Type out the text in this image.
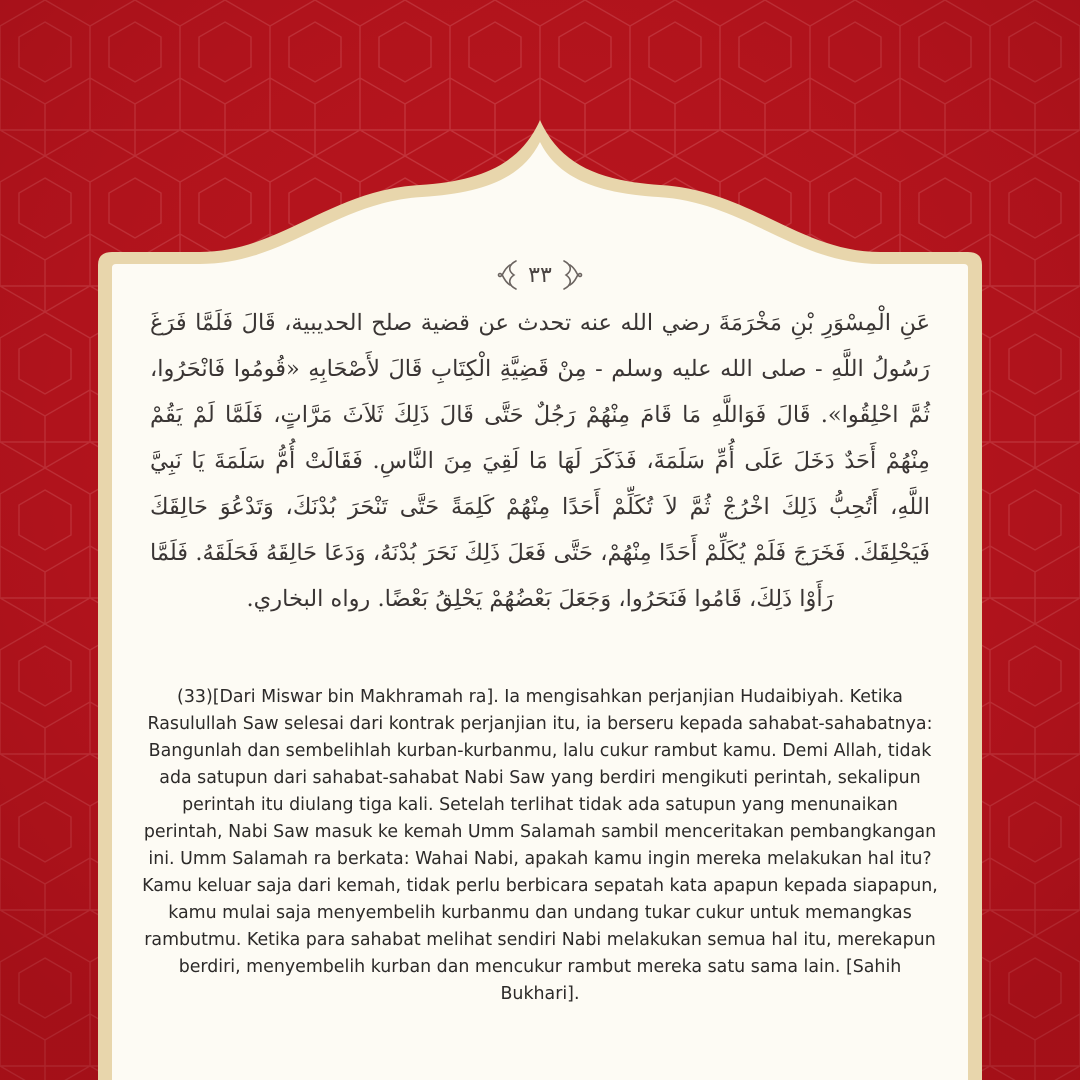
٣٣
عَنِ الْمِسْوَرِ بْنِ مَخْرَمَةَ رضي الله عنه تحدث عن قضية صلح الحديبية، قَالَ فَلَمَّا فَرَغَ رَسُولُ اللَّهِ - صلى الله عليه وسلم - مِنْ قَضِيَّةِ الْكِتَابِ قَالَ لأَصْحَابِهِ «قُومُوا فَانْحَرُوا، ثُمَّ احْلِقُوا». قَالَ فَوَاللَّهِ مَا قَامَ مِنْهُمْ رَجُلٌ حَتَّى قَالَ ذَلِكَ ثَلاَثَ مَرَّاتٍ، فَلَمَّا لَمْ يَقُمْ مِنْهُمْ أَحَدٌ دَخَلَ عَلَى أُمِّ سَلَمَةَ، فَذَكَرَ لَهَا مَا لَقِيَ مِنَ النَّاسِ. فَقَالَتْ أُمُّ سَلَمَةَ يَا نَبِيَّ اللَّهِ، أَتُحِبُّ ذَلِكَ اخْرُجْ ثُمَّ لاَ تُكَلِّمْ أَحَدًا مِنْهُمْ كَلِمَةً حَتَّى تَنْحَرَ بُدْنَكَ، وَتَدْعُوَ حَالِقَكَ فَيَحْلِقَكَ. فَخَرَجَ فَلَمْ يُكَلِّمْ أَحَدًا مِنْهُمْ، حَتَّى فَعَلَ ذَلِكَ نَحَرَ بُدْنَهُ، وَدَعَا حَالِقَهُ فَحَلَقَهُ. فَلَمَّا رَأَوْا ذَلِكَ، قَامُوا فَنَحَرُوا، وَجَعَلَ بَعْضُهُمْ يَحْلِقُ بَعْضًا. رواه البخاري.
(33)[Dari Miswar bin Makhramah ra]. Ia mengisahkan perjanjian Hudaibiyah. Ketika Rasulullah Saw selesai dari kontrak perjanjian itu, ia berseru kepada sahabat-sahabatnya: Bangunlah dan sembelihlah kurban-kurbanmu, lalu cukur rambut kamu. Demi Allah, tidak ada satupun dari sahabat-sahabat Nabi Saw yang berdiri mengikuti perintah, sekalipun perintah itu diulang tiga kali. Setelah terlihat tidak ada satupun yang menunaikan perintah, Nabi Saw masuk ke kemah Umm Salamah sambil menceritakan pembangkangan ini. Umm Salamah ra berkata: Wahai Nabi, apakah kamu ingin mereka melakukan hal itu? Kamu keluar saja dari kemah, tidak perlu berbicara sepatah kata apapun kepada siapapun, kamu mulai saja menyembelih kurbanmu dan undang tukar cukur untuk memangkas rambutmu. Ketika para sahabat melihat sendiri Nabi melakukan semua hal itu, merekapun berdiri, menyembelih kurban dan mencukur rambut mereka satu sama lain. [Sahih Bukhari].
